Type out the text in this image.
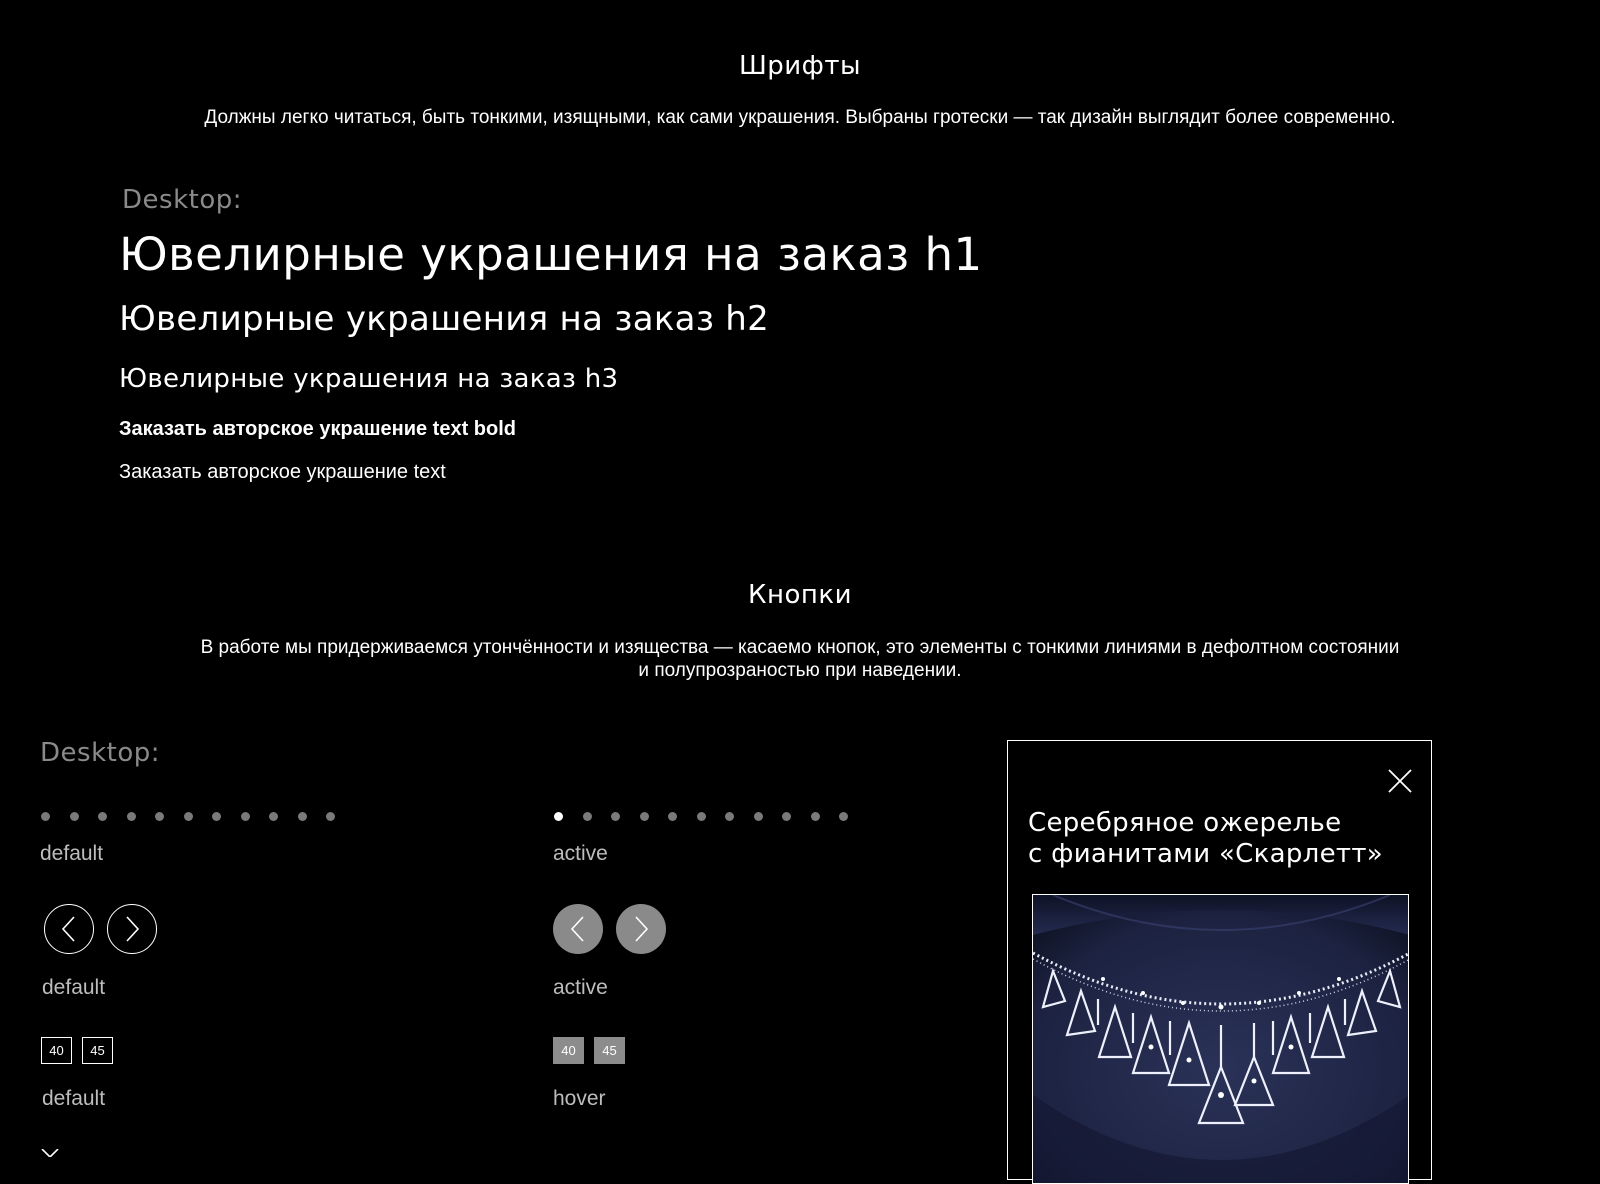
Шрифты

Должны легко читаться, быть тонкими, изящными, как сами украшения. Выбраны гротески — так дизайн выглядит более современно.

Desktop:
Ювелирные украшения на заказ h1
Ювелирные украшения на заказ h2
Ювелирные украшения на заказ h3
Заказать авторское украшение text bold
Заказать авторское украшение text
Кнопки

В работе мы придерживаемся утончённости и изящества — касаемо кнопок, это элементы с тонкими линиями в дефолтном состоянии

и полупрозраностью при наведении.

Desktop:
default	active
default	active
40	45
default
40	45
hover
Серебряное ожерелье
с фианитами «Скарлетт»
